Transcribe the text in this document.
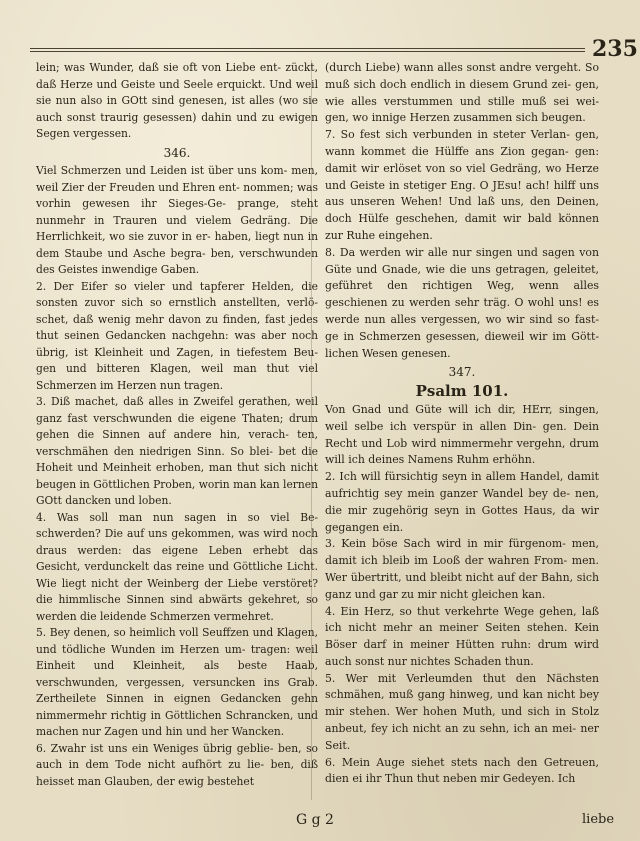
235

lein; was Wunder, daß sie oft von Liebe ent- zückt, daß Herze und Geiste und Seele erquickt. Und weil sie nun also in GOtt sind genesen, ist alles (wo sie auch sonst traurig gesessen) dahin und zu ewigen Segen vergessen.

346.

Viel Schmerzen und Leiden ist über uns kom- men, weil Zier der Freuden und Ehren ent- nommen; was vorhin gewesen ihr Sieges-Ge- prange, steht nunmehr in Trauren und vielem Gedräng. Die Herrlichkeit, wo sie zuvor in er- haben, liegt nun in dem Staube und Asche begra- ben, verschwunden des Geistes inwendige Gaben.

2. Der Eifer so vieler und tapferer Helden, die sonsten zuvor sich so ernstlich anstellten, verlö- schet, daß wenig mehr davon zu finden, fast jedes thut seinen Gedancken nachgehn: was aber noch übrig, ist Kleinheit und Zagen, in tiefestem Beu- gen und bitteren Klagen, weil man thut viel Schmerzen im Herzen nun tragen.

3. Diß machet, daß alles in Zweifel gerathen, weil ganz fast verschwunden die eigene Thaten; drum gehen die Sinnen auf andere hin, verach- ten, verschmähen den niedrigen Sinn. So blei- bet die Hoheit und Meinheit erhoben, man thut sich nicht beugen in Göttlichen Proben, worin man kan lernen GOtt dancken und loben.

4. Was soll man nun sagen in so viel Be- schwerden? Die auf uns gekommen, was wird noch draus werden: das eigene Leben erhebt das Gesicht, verdunckelt das reine und Göttliche Licht. Wie liegt nicht der Weinberg der Liebe verstöret? die himmlische Sinnen sind abwärts gekehret, so werden die leidende Schmerzen vermehret.

5. Bey denen, so heimlich voll Seuffzen und Klagen, und tödliche Wunden im Herzen um- tragen: weil Einheit und Kleinheit, als beste Haab, verschwunden, vergessen, versuncken ins Grab. Zertheilete Sinnen in eignen Gedancken gehn nimmermehr richtig in Göttlichen Schrancken, und machen nur Zagen und hin und her Wancken.

6. Zwahr ist uns ein Weniges übrig geblie- ben, so auch in dem Tode nicht aufhört zu lie- ben, diß heisset man Glauben, der ewig bestehet

(durch Liebe) wann alles sonst andre vergeht. So muß sich doch endlich in diesem Grund zei- gen, wie alles verstummen und stille muß sei wei- gen, wo innige Herzen zusammen sich beugen.

7. So fest sich verbunden in steter Verlan- gen, wann kommet die Hülffe ans Zion gegan- gen: damit wir erlöset von so viel Gedräng, wo Herze und Geiste in stetiger Eng. O JEsu! ach! hilff uns aus unseren Wehen! Und laß uns, den Deinen, doch Hülfe geschehen, damit wir bald können zur Ruhe eingehen.

8. Da werden wir alle nur singen und sagen von Güte und Gnade, wie die uns getragen, geleitet, geführet den richtigen Weg, wenn alles geschienen zu werden sehr träg. O wohl uns! es werde nun alles vergessen, wo wir sind so fast- ge in Schmerzen gesessen, dieweil wir im Gött- lichen Wesen genesen.

347.
Psalm 101.

Von Gnad und Güte will ich dir, HErr, singen, weil selbe ich verspür in allen Din- gen. Dein Recht und Lob wird nimmermehr vergehn, drum will ich deines Namens Ruhm erhöhn.

2. Ich will fürsichtig seyn in allem Handel, damit aufrichtig sey mein ganzer Wandel bey de- nen, die mir zugehörig seyn in Gottes Haus, da wir gegangen ein.

3. Kein böse Sach wird in mir fürgenom- men, damit ich bleib im Looß der wahren From- men. Wer übertritt, und bleibt nicht auf der Bahn, sich ganz und gar zu mir nicht gleichen kan.

4. Ein Herz, so thut verkehrte Wege gehen, laß ich nicht mehr an meiner Seiten stehen. Kein Böser darf in meiner Hütten ruhn: drum wird auch sonst nur nichtes Schaden thun.

5. Wer mit Verleumden thut den Nächsten schmähen, muß gang hinweg, und kan nicht bey mir stehen. Wer hohen Muth, und sich in Stolz anbeut, fey ich nicht an zu sehn, ich an mei- ner Seit.

6. Mein Auge siehet stets nach den Getreuen, dien ei ihr Thun thut neben mir Gedeyen. Ich

G g 2	liebe
